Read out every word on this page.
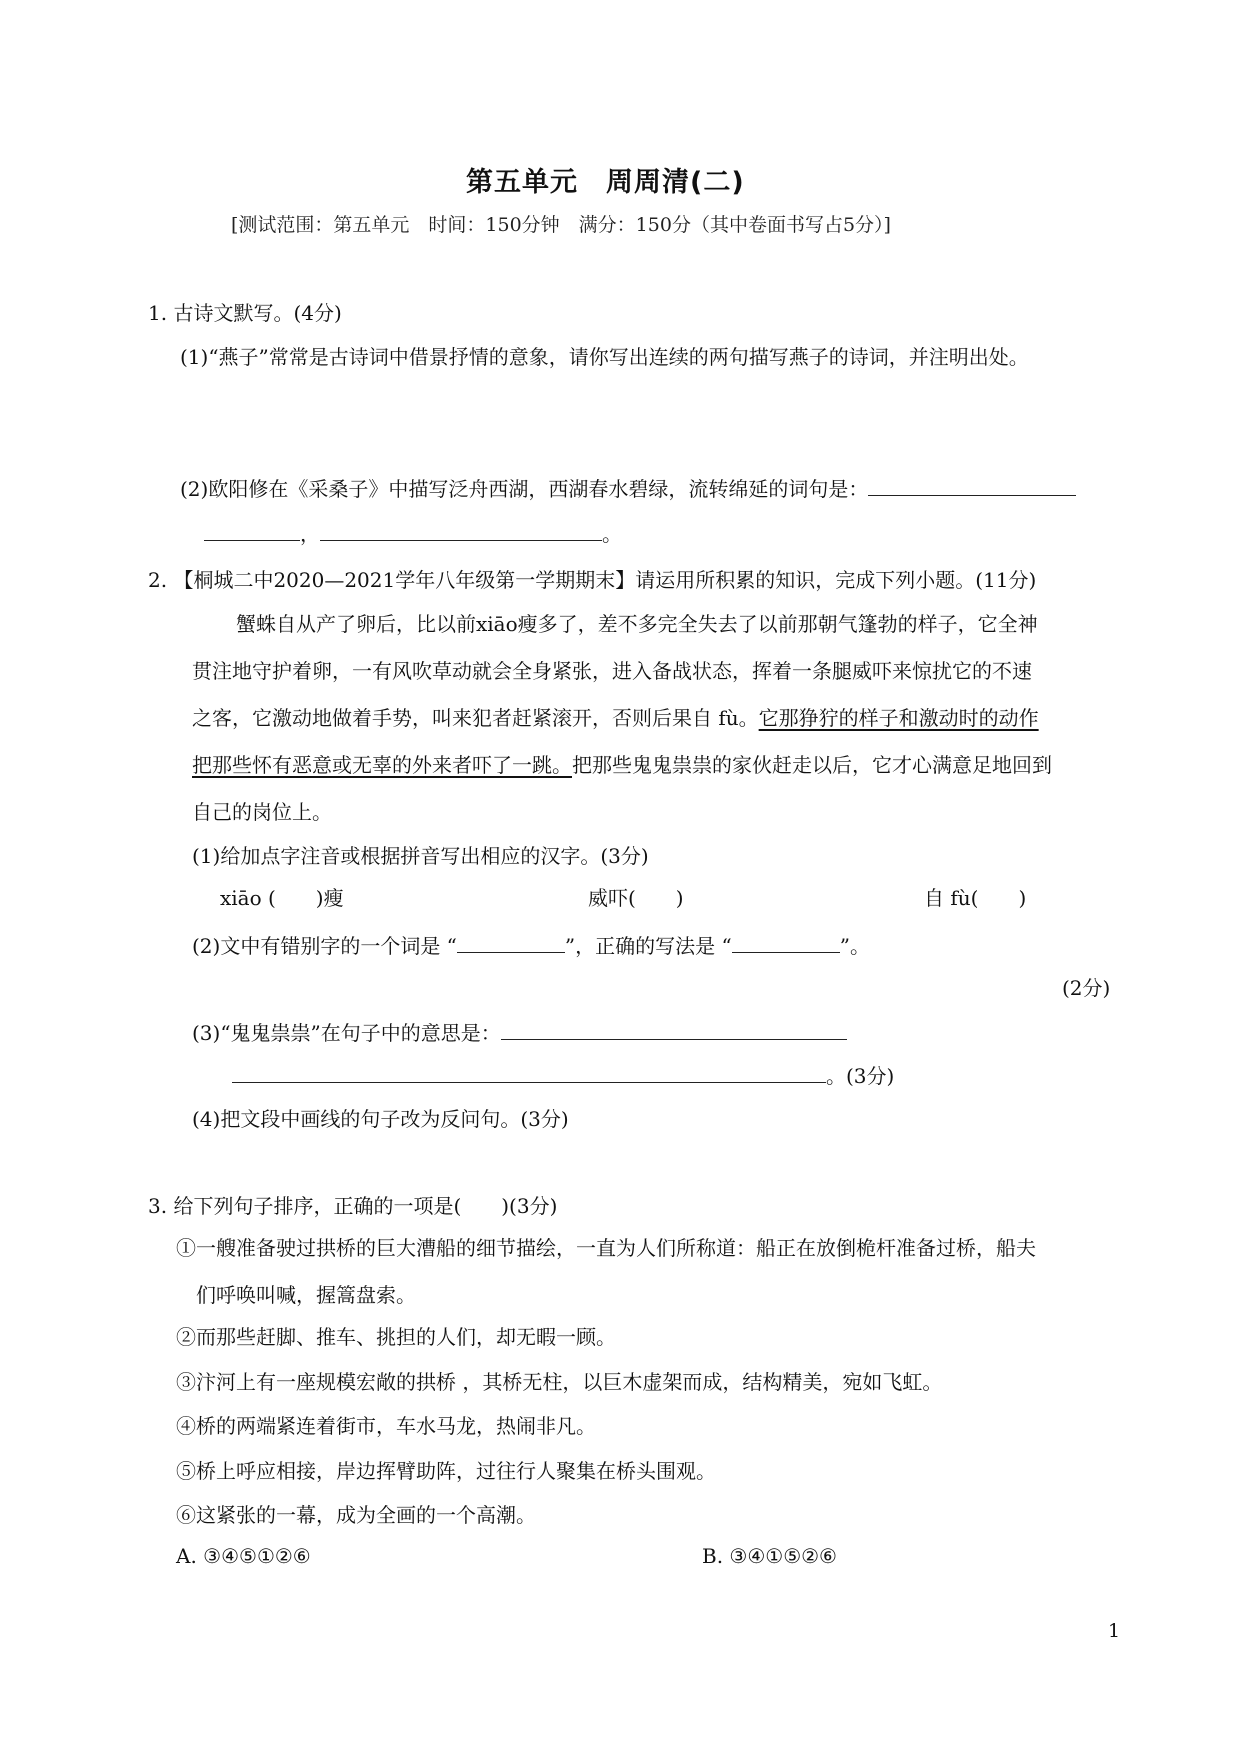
第五单元　周周清(二)
[测试范围：第五单元　时间：150分钟　满分：150分（其中卷面书写占5分）]
1. 古诗文默写。(4分)
(1)“燕子”常常是古诗词中借景抒情的意象，请你写出连续的两句描写燕子的诗词，并注明出处。
(2)欧阳修在《采桑子》中描写泛舟西湖，西湖春水碧绿，流转绵延的词句是：
，	。
2. 【桐城二中2020—2021学年八年级第一学期期末】请运用所积累的知识，完成下列小题。(11分)
蟹蛛自从产了卵后，比以前xiāo瘦多了，差不多完全失去了以前那朝气篷勃的样子，它全神
贯注地守护着卵，一有风吹草动就会全身紧张，进入备战状态，挥着一条腿威吓来惊扰它的不速
之客，它激动地做着手势，叫来犯者赶紧滚开，否则后果自 fù。它那狰狞的样子和激动时的动作
把那些怀有恶意或无辜的外来者吓了一跳。把那些鬼鬼祟祟的家伙赶走以后，它才心满意足地回到
自己的岗位上。
(1)给加点字注音或根据拼音写出相应的汉字。(3分)
xiāo (　　)瘦	威吓(　　)	自 fù(　　)
(2)文中有错别字的一个词是 “	”，正确的写法是 “	”。
(2分)
(3)“鬼鬼祟祟”在句子中的意思是：
。(3分)
(4)把文段中画线的句子改为反问句。(3分)
3. 给下列句子排序，正确的一项是(　　)(3分)
①一艘准备驶过拱桥的巨大漕船的细节描绘，一直为人们所称道：船正在放倒桅杆准备过桥，船夫
们呼唤叫喊，握篙盘索。
②而那些赶脚、推车、挑担的人们，却无暇一顾。
③汴河上有一座规模宏敞的拱桥 ，其桥无柱，以巨木虚架而成，结构精美，宛如飞虹。
④桥的两端紧连着街市，车水马龙，热闹非凡。
⑤桥上呼应相接，岸边挥臂助阵，过往行人聚集在桥头围观。
⑥这紧张的一幕，成为全画的一个高潮。
A. ③④⑤①②⑥	B. ③④①⑤②⑥
1
